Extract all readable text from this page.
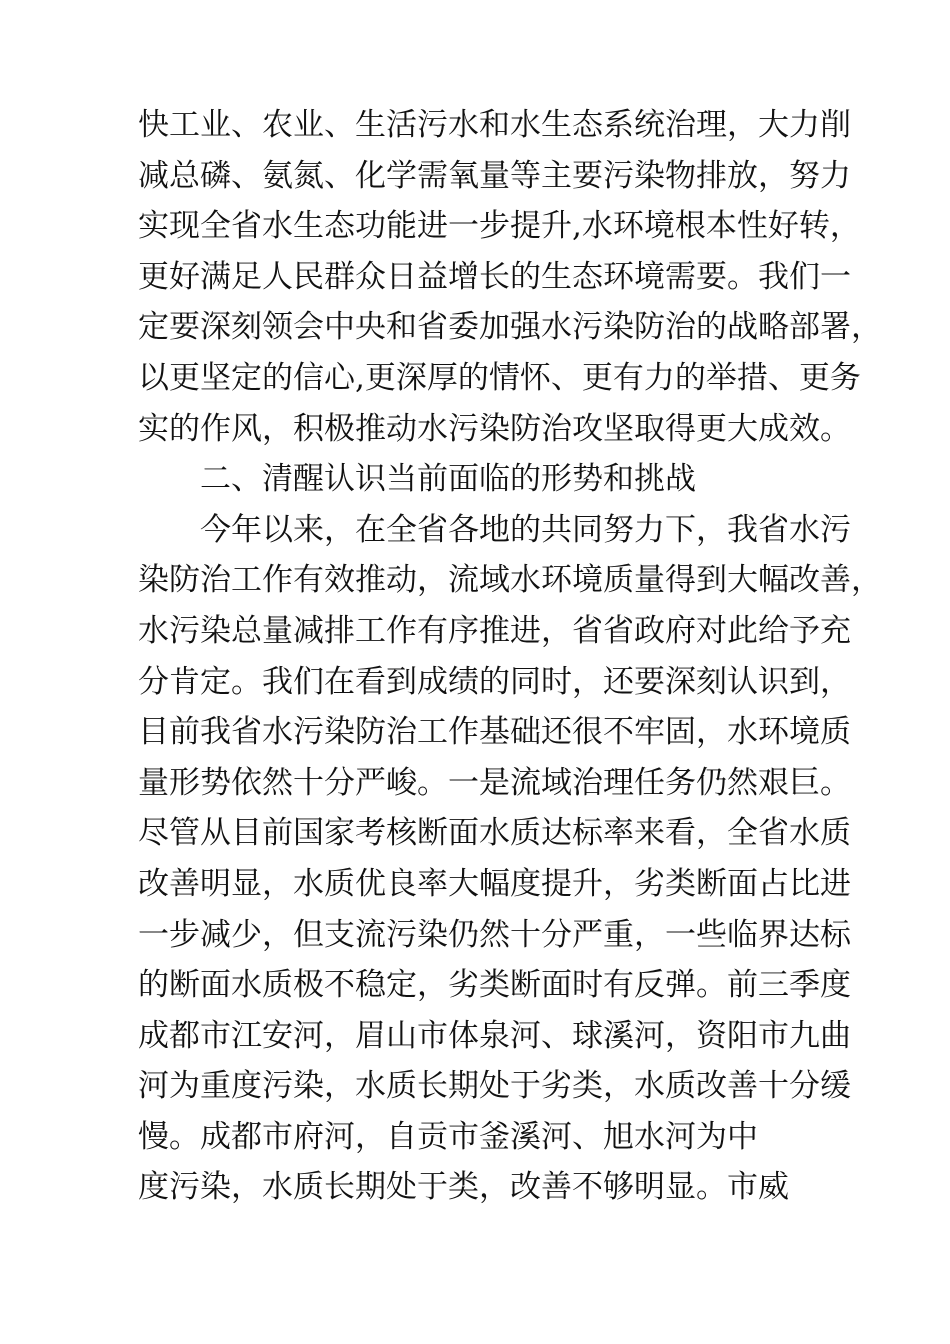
快工业、农业、生活污水和水生态系统治理，大力削
减总磷、氨氮、化学需氧量等主要污染物排放，努力
实现全省水生态功能进一步提升,水环境根本性好转，
更好满足人民群众日益增长的生态环境需要。我们一
定要深刻领会中央和省委加强水污染防治的战略部署，
以更坚定的信心,更深厚的情怀、更有力的举措、更务
实的作风，积极推动水污染防治攻坚取得更大成效。
二、清醒认识当前面临的形势和挑战
今年以来，在全省各地的共同努力下，我省水污
染防治工作有效推动，流域水环境质量得到大幅改善，
水污染总量减排工作有序推进，省省政府对此给予充
分肯定。我们在看到成绩的同时，还要深刻认识到，
目前我省水污染防治工作基础还很不牢固，水环境质
量形势依然十分严峻。一是流域治理任务仍然艰巨。
尽管从目前国家考核断面水质达标率来看，全省水质
改善明显，水质优良率大幅度提升，劣类断面占比进
一步减少，但支流污染仍然十分严重，一些临界达标
的断面水质极不稳定，劣类断面时有反弹。前三季度
成都市江安河，眉山市体泉河、球溪河，资阳市九曲
河为重度污染，水质长期处于劣类，水质改善十分缓
慢。成都市府河，自贡市釜溪河、旭水河为中
度污染，水质长期处于类，改善不够明显。市威
